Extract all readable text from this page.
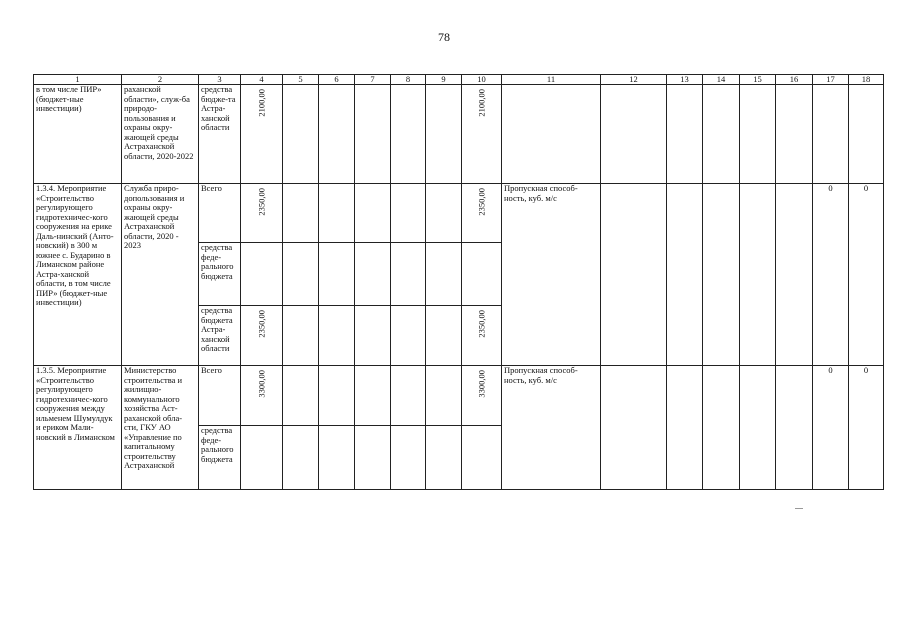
78
1	2	3	4	5	6	7	8	9	10	11	12	13	14	15	16	17	18
в том числе ПИР» (бюджет-ные инвестиции)	раханской области», служ-ба природо-пользования и охраны окру-жающей среды Астраханской области, 2020-2022	средства бюдже-та Астра-ханской области	2100,00						2100,00								

1.3.4. Мероприятие «Строительство регулирующего гидротехничес-кого сооружения на ерике Даль-нинский (Анто-новский) в 300 м южнее с. Бударино в Лиманском районе Астра-ханской области, в том числе ПИР» (бюджет-ные инвестиции)	Служба приро-допользования и охраны окру-жающей среды Астраханской области, 2020 - 2023	Всего	2350,00						2350,00	Пропускная способ-ность, куб. м/с						0	0
		средства феде-рального бюджета															
		средства бюджета Астра-ханской области	2350,00						2350,00								

1.3.5. Мероприятие «Строительство регулирующего гидротехничес-кого сооружения между ильменем Шумулдук и ериком Мали-новский в Лиманском	Министерство строительства и жилищно-коммунального хозяйства Аст-раханской обла-сти, ГКУ АО «Управление по капитальному строительству Астраханской	Всего	3300,00						3300,00	Пропускная способ-ность, куб. м/с						0	0
		средства феде-рального бюджета															
